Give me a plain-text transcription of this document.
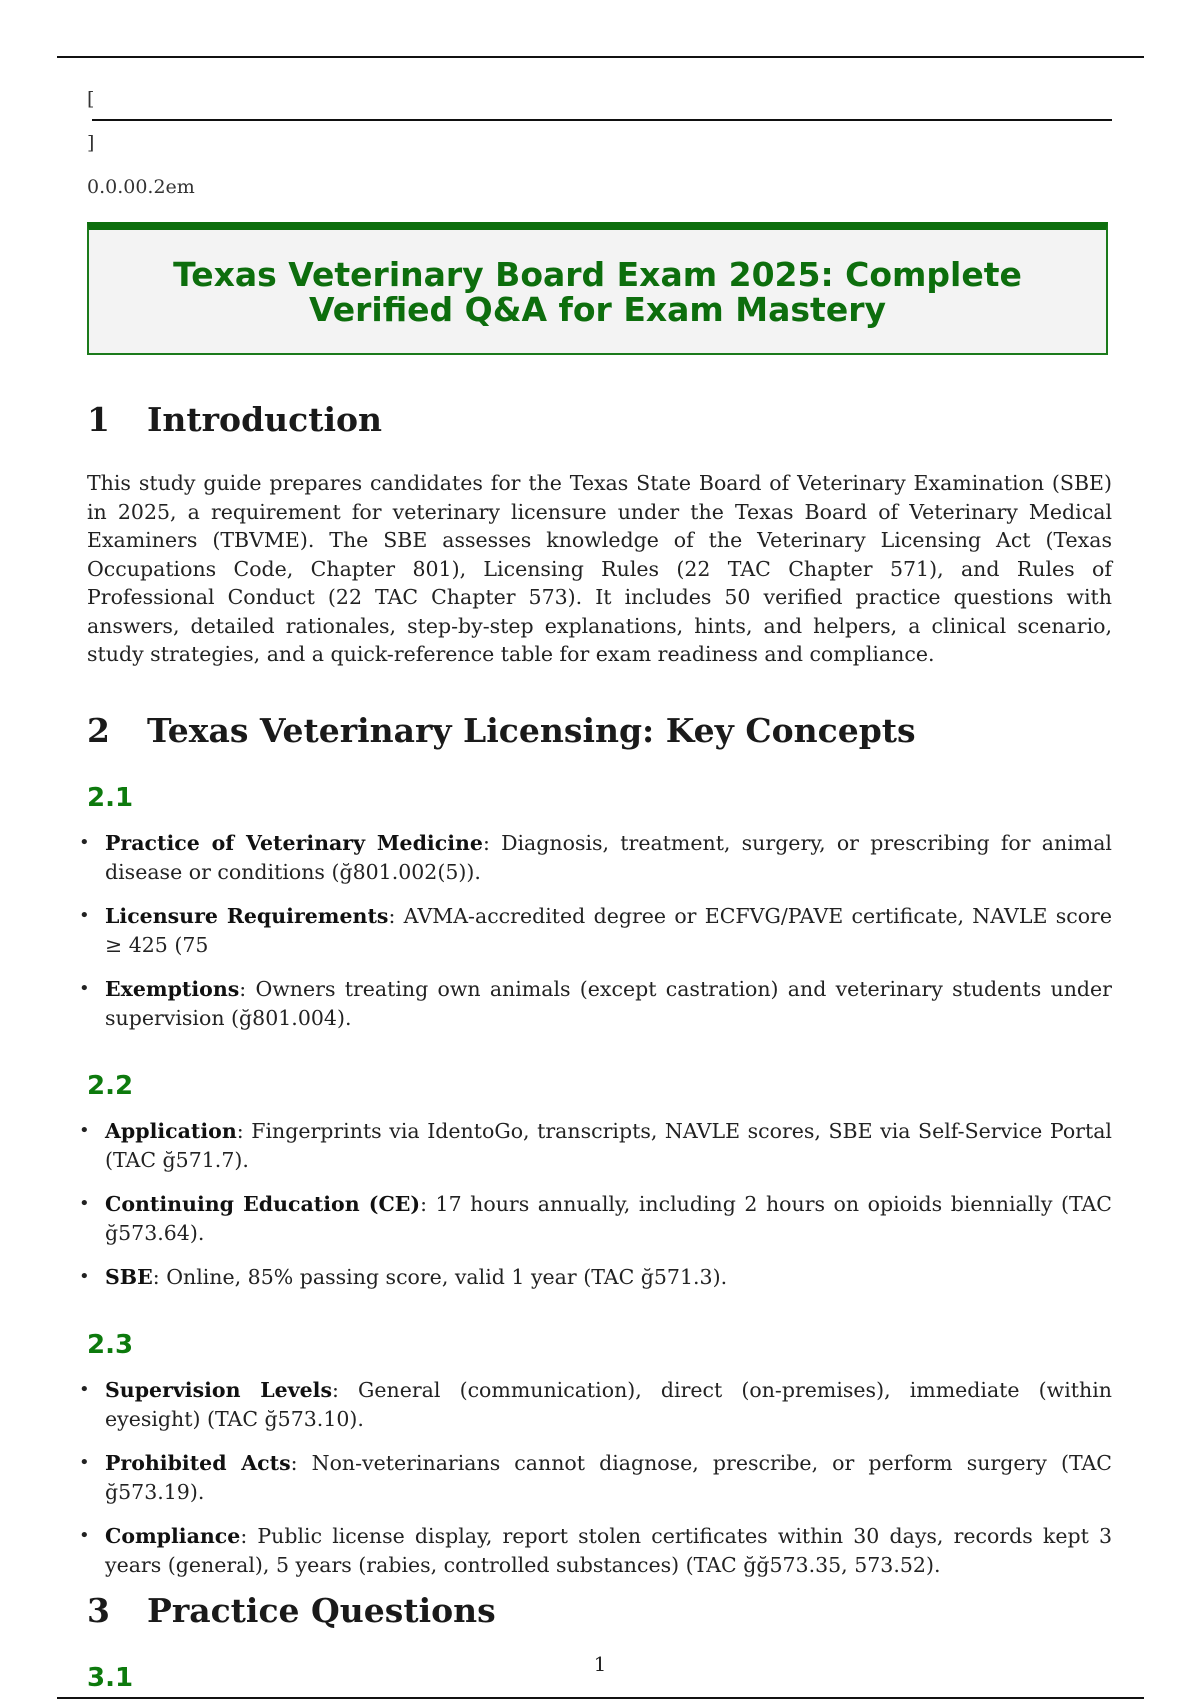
[
]
0.0.00.2em
Texas Veterinary Board Exam 2025: Complete Verified Q&A for Exam Mastery
1 Introduction

This study guide prepares candidates for the Texas State Board of Veterinary Examination (SBE) in 2025, a requirement for veterinary licensure under the Texas Board of Veterinary Medical Examiners (TBVME). The SBE assesses knowledge of the Veterinary Licensing Act (Texas Occupations Code, Chapter 801), Licensing Rules (22 TAC Chapter 571), and Rules of Professional Conduct (22 TAC Chapter 573). It includes 50 verified practice questions with answers, detailed rationales, step-by-step explanations, hints, and helpers, a clinical scenario, study strategies, and a quick-reference table for exam readiness and compliance.

2 Texas Veterinary Licensing: Key Concepts
2.1
• Practice of Veterinary Medicine: Diagnosis, treatment, surgery, or prescribing for animal disease or conditions (ğ801.002(5)).
• Licensure Requirements: AVMA-accredited degree or ECFVG/PAVE certificate, NAVLE score ≥ 425 (75
• Exemptions: Owners treating own animals (except castration) and veterinary students under supervision (ğ801.004).
2.2
• Application: Fingerprints via IdentoGo, transcripts, NAVLE scores, SBE via Self-Service Portal (TAC ğ571.7).
• Continuing Education (CE): 17 hours annually, including 2 hours on opioids biennially (TAC ğ573.64).
• SBE: Online, 85% passing score, valid 1 year (TAC ğ571.3).
2.3
• Supervision Levels: General (communication), direct (on-premises), immediate (within eyesight) (TAC ğ573.10).
• Prohibited Acts: Non-veterinarians cannot diagnose, prescribe, or perform surgery (TAC ğ573.19).
• Compliance: Public license display, report stolen certificates within 30 days, records kept 3 years (general), 5 years (rabies, controlled substances) (TAC ğğ573.35, 573.52).
3 Practice Questions
1
3.1
